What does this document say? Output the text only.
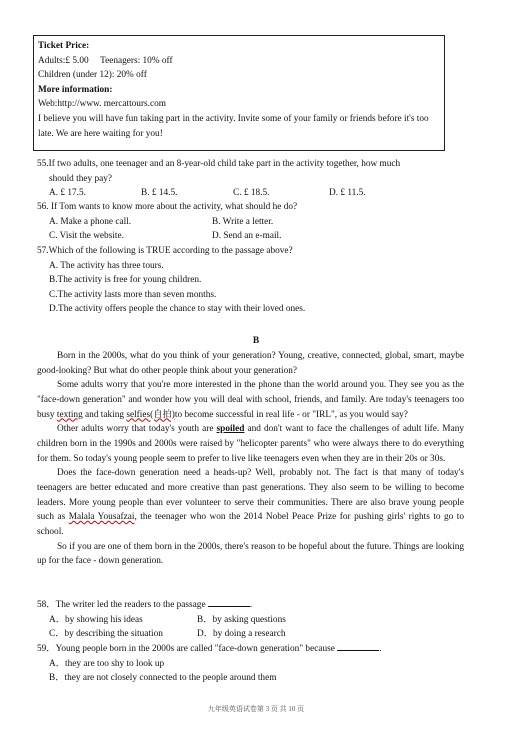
Ticket Price:
Adults:£ 5.00     Teenagers: 10% off
Children (under 12): 20% off
More information:
Web:http://www. mercattours.com
I believe you will have fun taking part in the activity. Invite some of your family or friends before it's too late. We are here waiting for you!
55.If two adults, one teenager and an 8-year-old child take part in the activity together, how much
should they pay?
A. £ 17.5.	B. £ 14.5.	C. £ 18.5.	D. £ 11.5.
56. If Tom wants to know more about the activity, what should he do?
A. Make a phone call.	B. Write a letter.
C. Visit the website.	D. Send an e-mail.
57.Which of the following is TRUE according to the passage above?
A. The activity has three tours.
B.The activity is free for young children.
C.The activity lasts more than seven months.
D.The activity offers people the chance to stay with their loved ones.
B

Born in the 2000s, what do you think of your generation? Young, creative, connected, global, smart, maybe good-looking? But what do other people think about your generation?

Some adults worry that you're more interested in the phone than the world around you. They see you as the "face-down generation" and wonder how you will deal with school, friends, and family. Are today's teenagers too busy texting and taking selfies(自拍)to become successful in real life - or "IRL", as you would say?

Other adults worry that today's youth are spoiled and don't want to face the challenges of adult life. Many children born in the 1990s and 2000s were raised by "helicopter parents" who were always there to do everything for them. So today's young people seem to prefer to live like teenagers even when they are in their 20s or 30s.

Does the face-down generation need a heads-up? Well, probably not. The fact is that many of today's teenagers are better educated and more creative than past generations. They also seem to be willing to become leaders. More young people than ever volunteer to serve their communities. There are also brave young people such as Malala Yousafzai, the teenager who won the 2014 Nobel Peace Prize for pushing girls' rights to go to school.

So if you are one of them born in the 2000s, there's reason to be hopeful about the future. Things are looking up for the face - down generation.

58．The writer led the readers to the passage	.
A．by showing his ideas	B．by asking questions
C．by describing the situation	D．by doing a research
59．Young people born in the 2000s are called "face-down generation" because	.
A．they are too shy to look up
B．they are not closely connected to the people around them
九年级英语试卷第 3 页 共 10 页
